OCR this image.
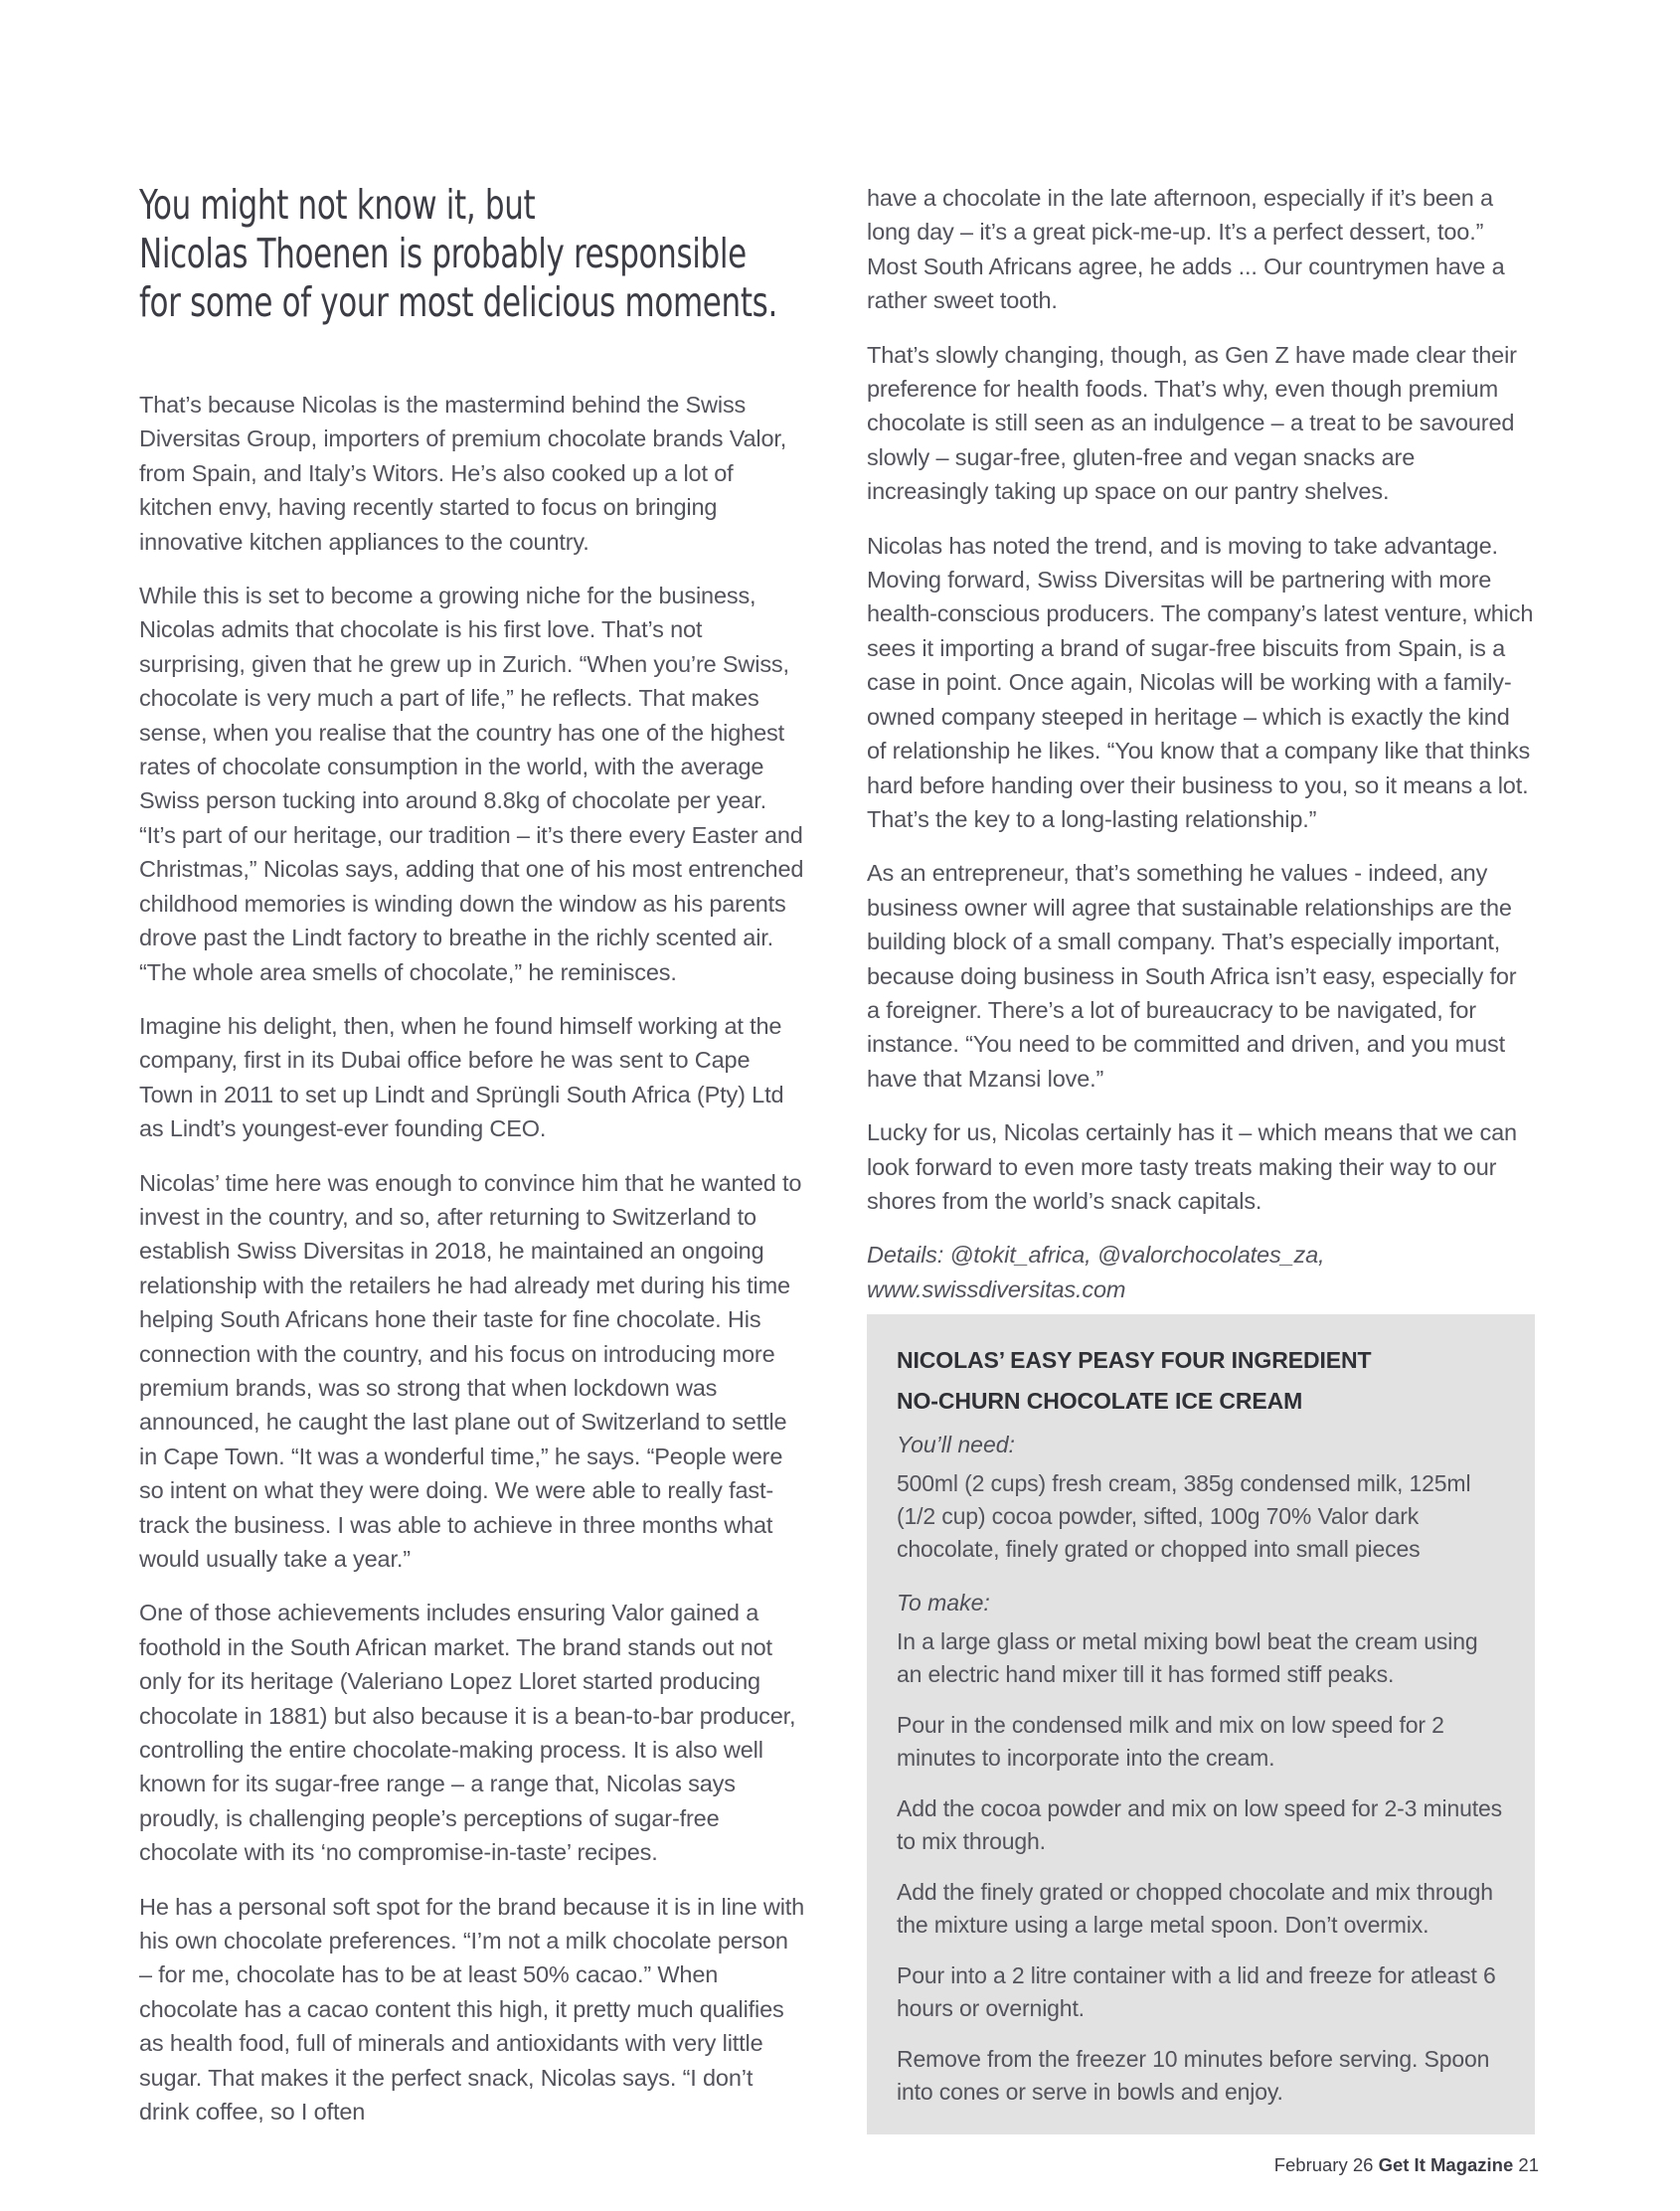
You might not know it, but
Nicolas Thoenen is probably responsible
for some of your most delicious moments.

That’s because Nicolas is the mastermind behind the Swiss Diversitas Group, importers of premium chocolate brands Valor, from Spain, and Italy’s Witors. He’s also cooked up a lot of kitchen envy, having recently started to focus on bringing innovative kitchen appliances to the country.

While this is set to become a growing niche for the business, Nicolas admits that chocolate is his first love. That’s not surprising, given that he grew up in Zurich. “When you’re Swiss, chocolate is very much a part of life,” he reflects. That makes sense, when you realise that the country has one of the highest rates of chocolate consumption in the world, with the average Swiss person tucking into around 8.8kg of chocolate per year. “It’s part of our heritage, our tradition – it’s there every Easter and Christmas,” Nicolas says, adding that one of his most entrenched childhood memories is winding down the window as his parents drove past the Lindt factory to breathe in the richly scented air. “The whole area smells of chocolate,” he reminisces.

Imagine his delight, then, when he found himself working at the company, first in its Dubai office before he was sent to Cape Town in 2011 to set up Lindt and Sprüngli South Africa (Pty) Ltd as Lindt’s youngest-ever founding CEO.

Nicolas’ time here was enough to convince him that he wanted to invest in the country, and so, after returning to Switzerland to establish Swiss Diversitas in 2018, he maintained an ongoing relationship with the retailers he had already met during his time helping South Africans hone their taste for fine chocolate. His connection with the country, and his focus on introducing more premium brands, was so strong that when lockdown was announced, he caught the last plane out of Switzerland to settle in Cape Town. “It was a wonderful time,” he says. “People were so intent on what they were doing. We were able to really fast-track the business. I was able to achieve in three months what would usually take a year.”

One of those achievements includes ensuring Valor gained a foothold in the South African market. The brand stands out not only for its heritage (Valeriano Lopez Lloret started producing chocolate in 1881) but also because it is a bean-to-bar producer, controlling the entire chocolate-making process. It is also well known for its sugar-free range – a range that, Nicolas says proudly, is challenging people’s perceptions of sugar-free chocolate with its ‘no compromise-in-taste’ recipes.

He has a personal soft spot for the brand because it is in line with his own chocolate preferences. “I’m not a milk chocolate person – for me, chocolate has to be at least 50% cacao.” When chocolate has a cacao content this high, it pretty much qualifies as health food, full of minerals and antioxidants with very little sugar. That makes it the perfect snack, Nicolas says. “I don’t drink coffee, so I often

have a chocolate in the late afternoon, especially if it’s been a long day – it’s a great pick-me-up. It’s a perfect dessert, too.” Most South Africans agree, he adds ... Our countrymen have a rather sweet tooth.

That’s slowly changing, though, as Gen Z have made clear their preference for health foods. That’s why, even though premium chocolate is still seen as an indulgence – a treat to be savoured slowly – sugar-free, gluten-free and vegan snacks are increasingly taking up space on our pantry shelves.

Nicolas has noted the trend, and is moving to take advantage. Moving forward, Swiss Diversitas will be partnering with more health-conscious producers. The company’s latest venture, which sees it importing a brand of sugar-free biscuits from Spain, is a case in point. Once again, Nicolas will be working with a family-owned company steeped in heritage – which is exactly the kind of relationship he likes. “You know that a company like that thinks hard before handing over their business to you, so it means a lot. That’s the key to a long-lasting relationship.”

As an entrepreneur, that’s something he values - indeed, any business owner will agree that sustainable relationships are the building block of a small company. That’s especially important, because doing business in South Africa isn’t easy, especially for a foreigner. There’s a lot of bureaucracy to be navigated, for instance. “You need to be committed and driven, and you must have that Mzansi love.”

Lucky for us, Nicolas certainly has it – which means that we can look forward to even more tasty treats making their way to our shores from the world’s snack capitals.

Details: @tokit_africa, @valorchocolates_za,

www.swissdiversitas.com

NICOLAS’ EASY PEASY FOUR INGREDIENT
NO-CHURN CHOCOLATE ICE CREAM
You’ll need:

500ml (2 cups) fresh cream, 385g condensed milk, 125ml (1/2 cup) cocoa powder, sifted, 100g 70% Valor dark chocolate, finely grated or chopped into small pieces

To make:

In a large glass or metal mixing bowl beat the cream using an electric hand mixer till it has formed stiff peaks.

Pour in the condensed milk and mix on low speed for 2 minutes to incorporate into the cream.

Add the cocoa powder and mix on low speed for 2-3 minutes to mix through.

Add the finely grated or chopped chocolate and mix through the mixture using a large metal spoon. Don’t overmix.

Pour into a 2 litre container with a lid and freeze for atleast 6 hours or overnight.

Remove from the freezer 10 minutes before serving. Spoon into cones or serve in bowls and enjoy.

February 26 Get It Magazine 21
